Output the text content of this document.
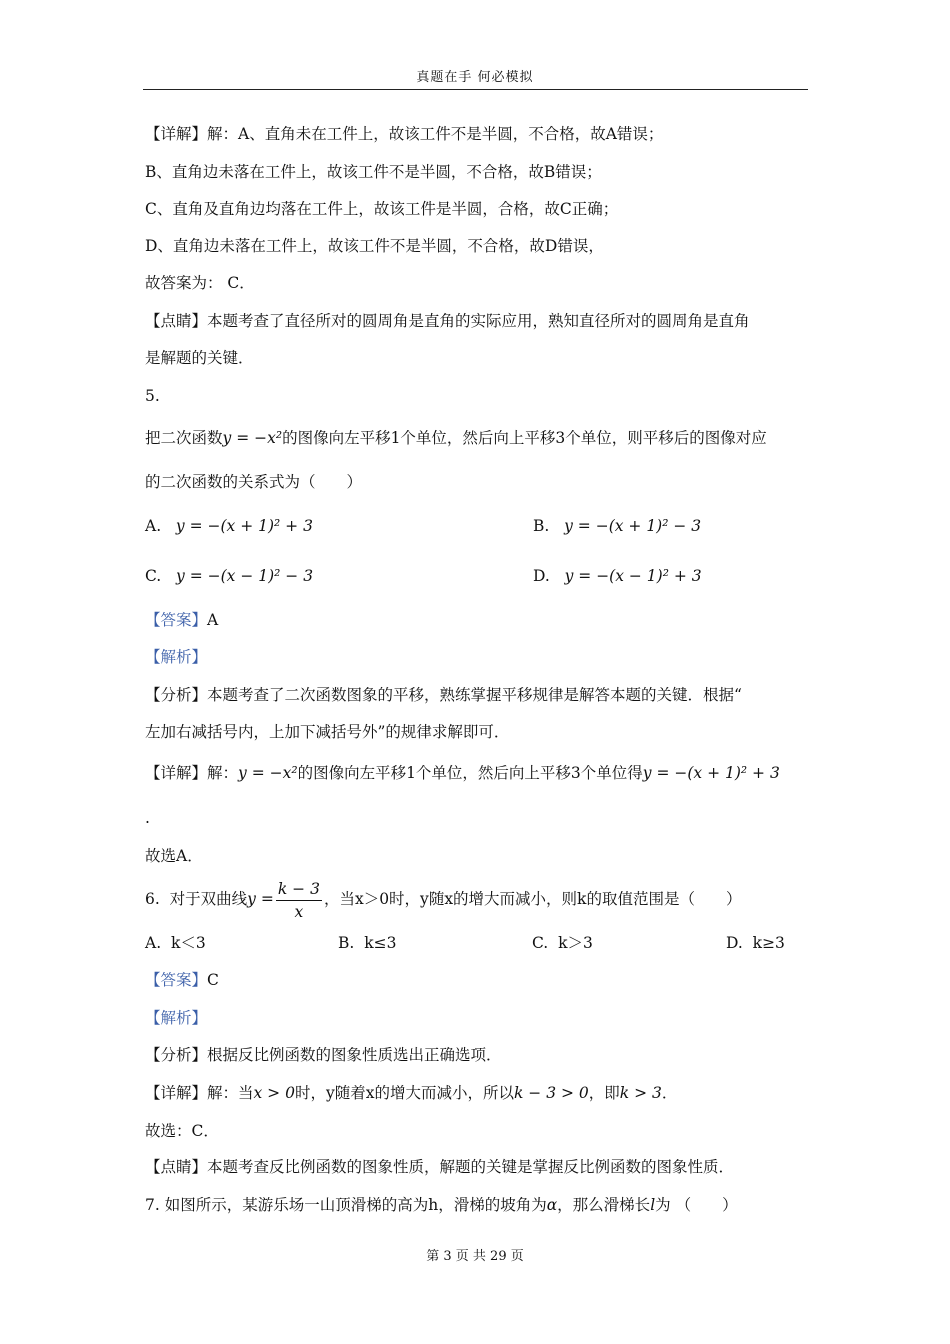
真题在手 何必模拟
【详解】解：A、直角未在工件上，故该工件不是半圆，不合格，故A错误；
B、直角边未落在工件上，故该工件不是半圆，不合格，故B错误；
C、直角及直角边均落在工件上，故该工件是半圆，合格，故C正确；
D、直角边未落在工件上，故该工件不是半圆，不合格，故D错误，
故答案为： C．
【点睛】本题考查了直径所对的圆周角是直角的实际应用，熟知直径所对的圆周角是直角
是解题的关键．
5.
把二次函数y = −x²的图像向左平移1个单位，然后向上平移3个单位，则平移后的图像对应
的二次函数的关系式为（　　）
A. y = −(x + 1)² + 3	B. y = −(x + 1)² − 3
C. y = −(x − 1)² − 3	D. y = −(x − 1)² + 3
【答案】A
【解析】
【分析】本题考查了二次函数图象的平移，熟练掌握平移规律是解答本题的关键．根据“
左加右减括号内，上加下减括号外”的规律求解即可．
【详解】解：y = −x²的图像向左平移1个单位，然后向上平移3个单位得y = −(x + 1)² + 3
.
故选A．
6. 对于双曲线$y = \frac{k - 3}{x}$ ，当x＞0时，y随x的增大而减小，则k的取值范围是（　　）
A. k＜3	B. k≤3	C. k＞3	D. k≥3
【答案】C
【解析】
【分析】根据反比例函数的图象性质选出正确选项．
【详解】解：当x > 0时，y随着x的增大而减小，所以k − 3 > 0，即k > 3．
故选：C．
【点睛】本题考查反比例函数的图象性质，解题的关键是掌握反比例函数的图象性质．
7. 如图所示，某游乐场一山顶滑梯的高为h，滑梯的坡角为α，那么滑梯长l为 （　　）
第 3 页 共 29 页
